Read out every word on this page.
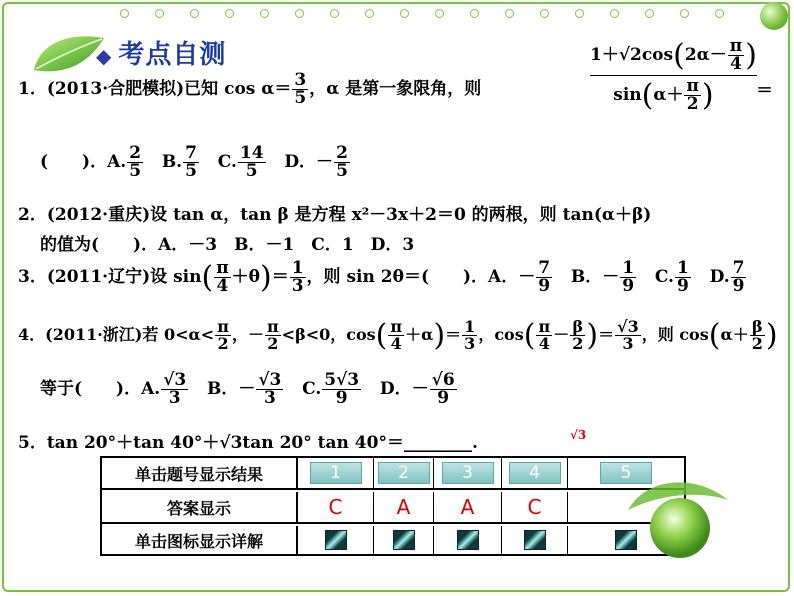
◆ 考点自测
1．(2013·合肥模拟)已知 $\cos \alpha= \frac{3}{5}$ ，α 是第一象限角，则
$1+√2\cos(2\alpha- \frac{\pi}{4}$ )
$\sin(\alpha+ \frac{\pi}{2}$ )	＝
(　　)．A. $\frac{2}{5} B$. $\frac{7}{5} C$. $\frac{14}{5}$ D．－ $\frac{2}{5}$
2．(2012·重庆)设 tan α，tan β 是方程 x²－3x＋2＝0 的两根，则 tan(α＋β)
的值为(　　)．A．－3　B．－1　C．1　D．3
3．(2011·辽宁)设 $\sin( \frac{\pi}{4} +\theta)= \frac{1}{3}$ ，则 sin 2θ＝(　　)．A．－ $\frac{7}{9}$ B．－ $\frac{1}{9} C$. $\frac{1}{9} D$. $\frac{7}{9}$
4．(2011·浙江)若 $0<\alpha< \frac{\pi}{2}$ ，－ $\frac{\pi}{2} <\beta<0$，$\cos( \frac{\pi}{4} +\alpha)= \frac{1}{3}$ ，$\cos( \frac{\pi}{4} - \frac{\beta}{2}$ )＝ $\frac{√3}{3}$ ，则 $\cos(\alpha+ \frac{\beta}{2}$ )
等于(　　)．A. $\frac{√3}{3}$ B．－ $\frac{√3}{3} C$. $\frac{5√3}{9}$ D．－ $\frac{√6}{9}$
5．tan 20°＋tan 40°＋√3tan 20° tan 40°＝________.	√3
单击题号显示结果	1	2	3	4	5
答案显示	C	A	A	C
单击图标显示详解
